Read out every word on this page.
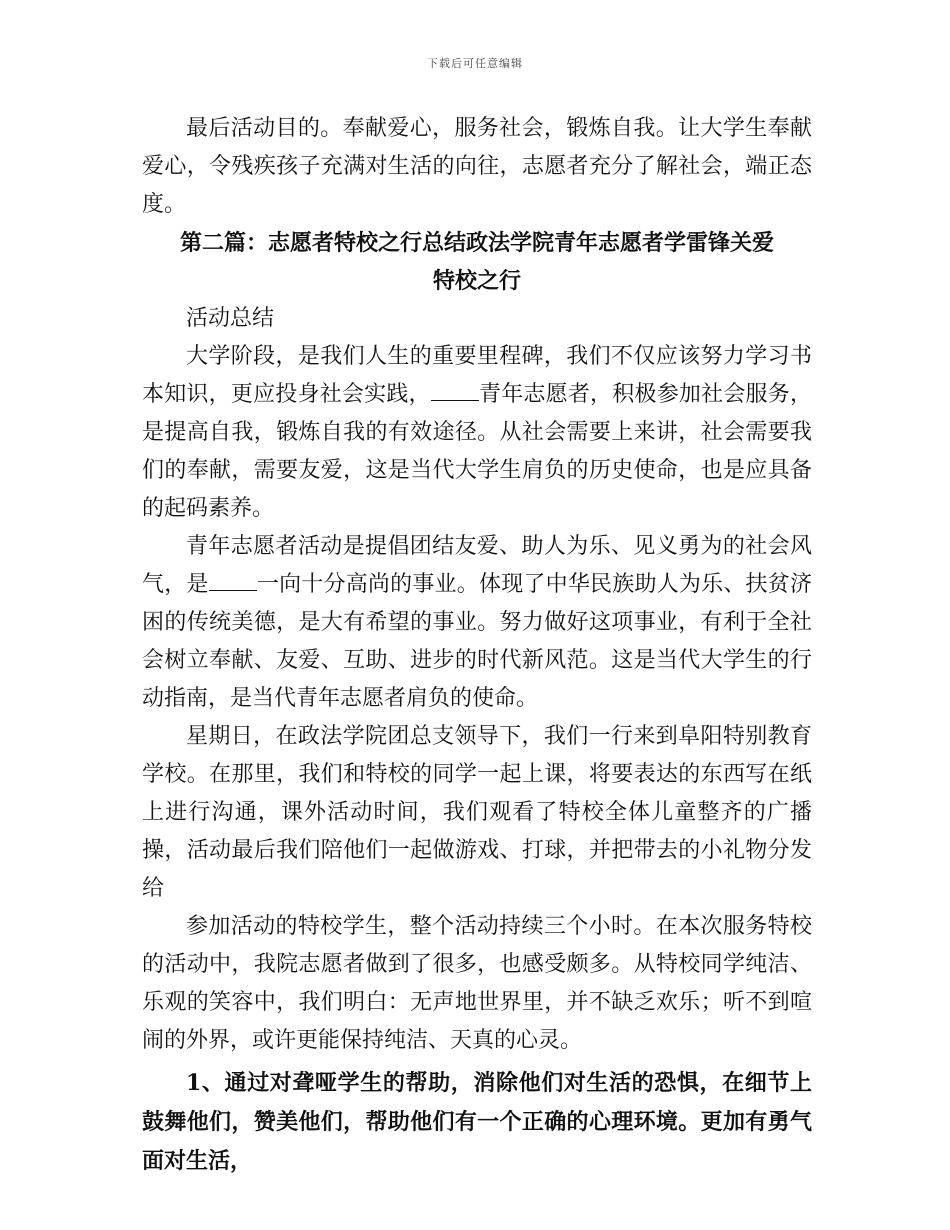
下载后可任意编辑

最后活动目的。奉献爱心，服务社会，锻炼自我。让大学生奉献爱心，令残疾孩子充满对生活的向往，志愿者充分了解社会，端正态度。

第二篇：志愿者特校之行总结政法学院青年志愿者学雷锋关爱特校之行

活动总结

大学阶段，是我们人生的重要里程碑，我们不仅应该努力学习书本知识，更应投身社会实践， 青年志愿者，积极参加社会服务，是提高自我，锻炼自我的有效途径。从社会需要上来讲，社会需要我们的奉献，需要友爱，这是当代大学生肩负的历史使命，也是应具备的起码素养。

青年志愿者活动是提倡团结友爱、助人为乐、见义勇为的社会风气，是 一向十分高尚的事业。体现了中华民族助人为乐、扶贫济困的传统美德，是大有希望的事业。努力做好这项事业，有利于全社会树立奉献、友爱、互助、进步的时代新风范。这是当代大学生的行动指南，是当代青年志愿者肩负的使命。

星期日，在政法学院团总支领导下，我们一行来到阜阳特别教育学校。在那里，我们和特校的同学一起上课，将要表达的东西写在纸上进行沟通，课外活动时间，我们观看了特校全体儿童整齐的广播操，活动最后我们陪他们一起做游戏、打球，并把带去的小礼物分发给

参加活动的特校学生，整个活动持续三个小时。在本次服务特校的活动中，我院志愿者做到了很多，也感受颇多。从特校同学纯洁、乐观的笑容中，我们明白：无声地世界里，并不缺乏欢乐；听不到喧闹的外界，或许更能保持纯洁、天真的心灵。

1、通过对聋哑学生的帮助，消除他们对生活的恐惧，在细节上鼓舞他们，赞美他们，帮助他们有一个正确的心理环境。更加有勇气面对生活，
